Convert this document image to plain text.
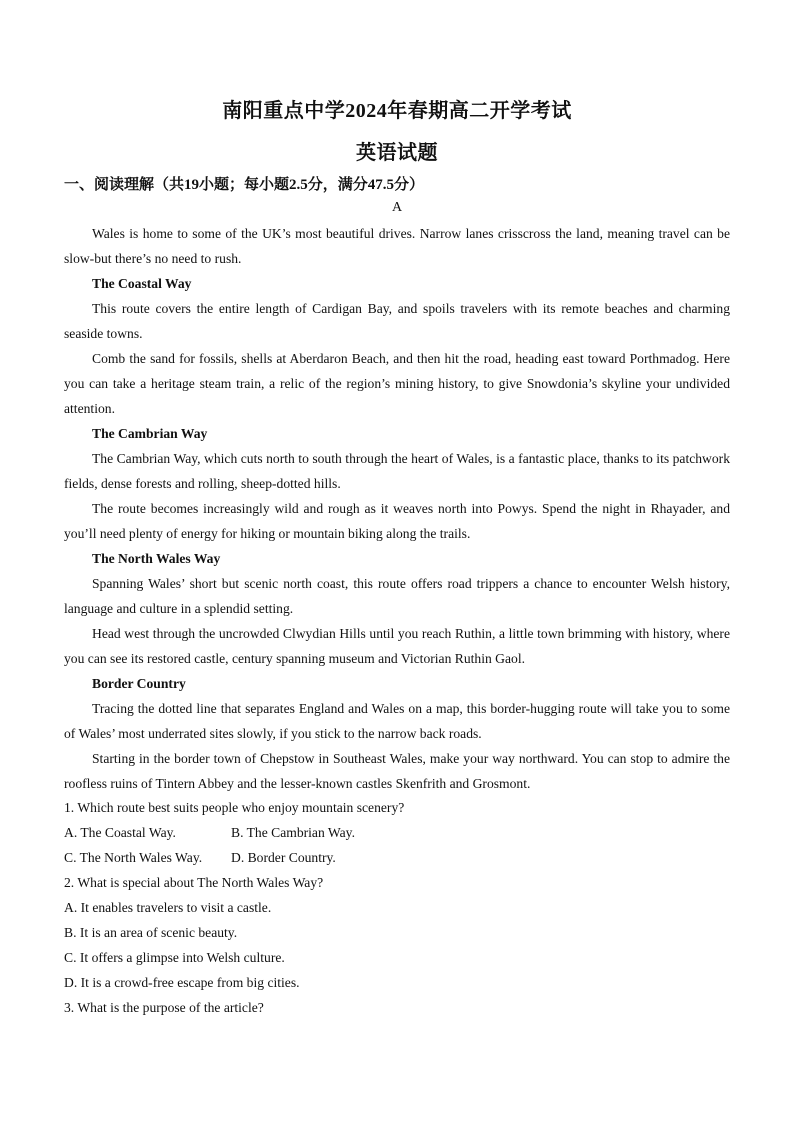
南阳重点中学2024年春期高二开学考试
英语试题
一、阅读理解（共19小题；每小题2.5分，满分47.5分）
A

Wales is home to some of the UK’s most beautiful drives. Narrow lanes crisscross the land, meaning travel can be slow-but there’s no need to rush.

The Coastal Way

This route covers the entire length of Cardigan Bay, and spoils travelers with its remote beaches and charming seaside towns.

Comb the sand for fossils, shells at Aberdaron Beach, and then hit the road, heading east toward Porthmadog. Here you can take a heritage steam train, a relic of the region’s mining history, to give Snowdonia’s skyline your undivided attention.

The Cambrian Way

The Cambrian Way, which cuts north to south through the heart of Wales, is a fantastic place, thanks to its patchwork fields, dense forests and rolling, sheep-dotted hills.

The route becomes increasingly wild and rough as it weaves north into Powys. Spend the night in Rhayader, and you’ll need plenty of energy for hiking or mountain biking along the trails.

The North Wales Way

Spanning Wales’ short but scenic north coast, this route offers road trippers a chance to encounter Welsh history, language and culture in a splendid setting.

Head west through the uncrowded Clwydian Hills until you reach Ruthin, a little town brimming with history, where you can see its restored castle, century spanning museum and Victorian Ruthin Gaol.

Border Country

Tracing the dotted line that separates England and Wales on a map, this border-hugging route will take you to some of Wales’ most underrated sites slowly, if you stick to the narrow back roads.

Starting in the border town of Chepstow in Southeast Wales, make your way northward. You can stop to admire the roofless ruins of Tintern Abbey and the lesser-known castles Skenfrith and Grosmont.

1. Which route best suits people who enjoy mountain scenery?
A. The Coastal Way.	B. The Cambrian Way.
C. The North Wales Way.	D. Border Country.
2. What is special about The North Wales Way?
A. It enables travelers to visit a castle.
B. It is an area of scenic beauty.
C. It offers a glimpse into Welsh culture.
D. It is a crowd-free escape from big cities.
3. What is the purpose of the article?
